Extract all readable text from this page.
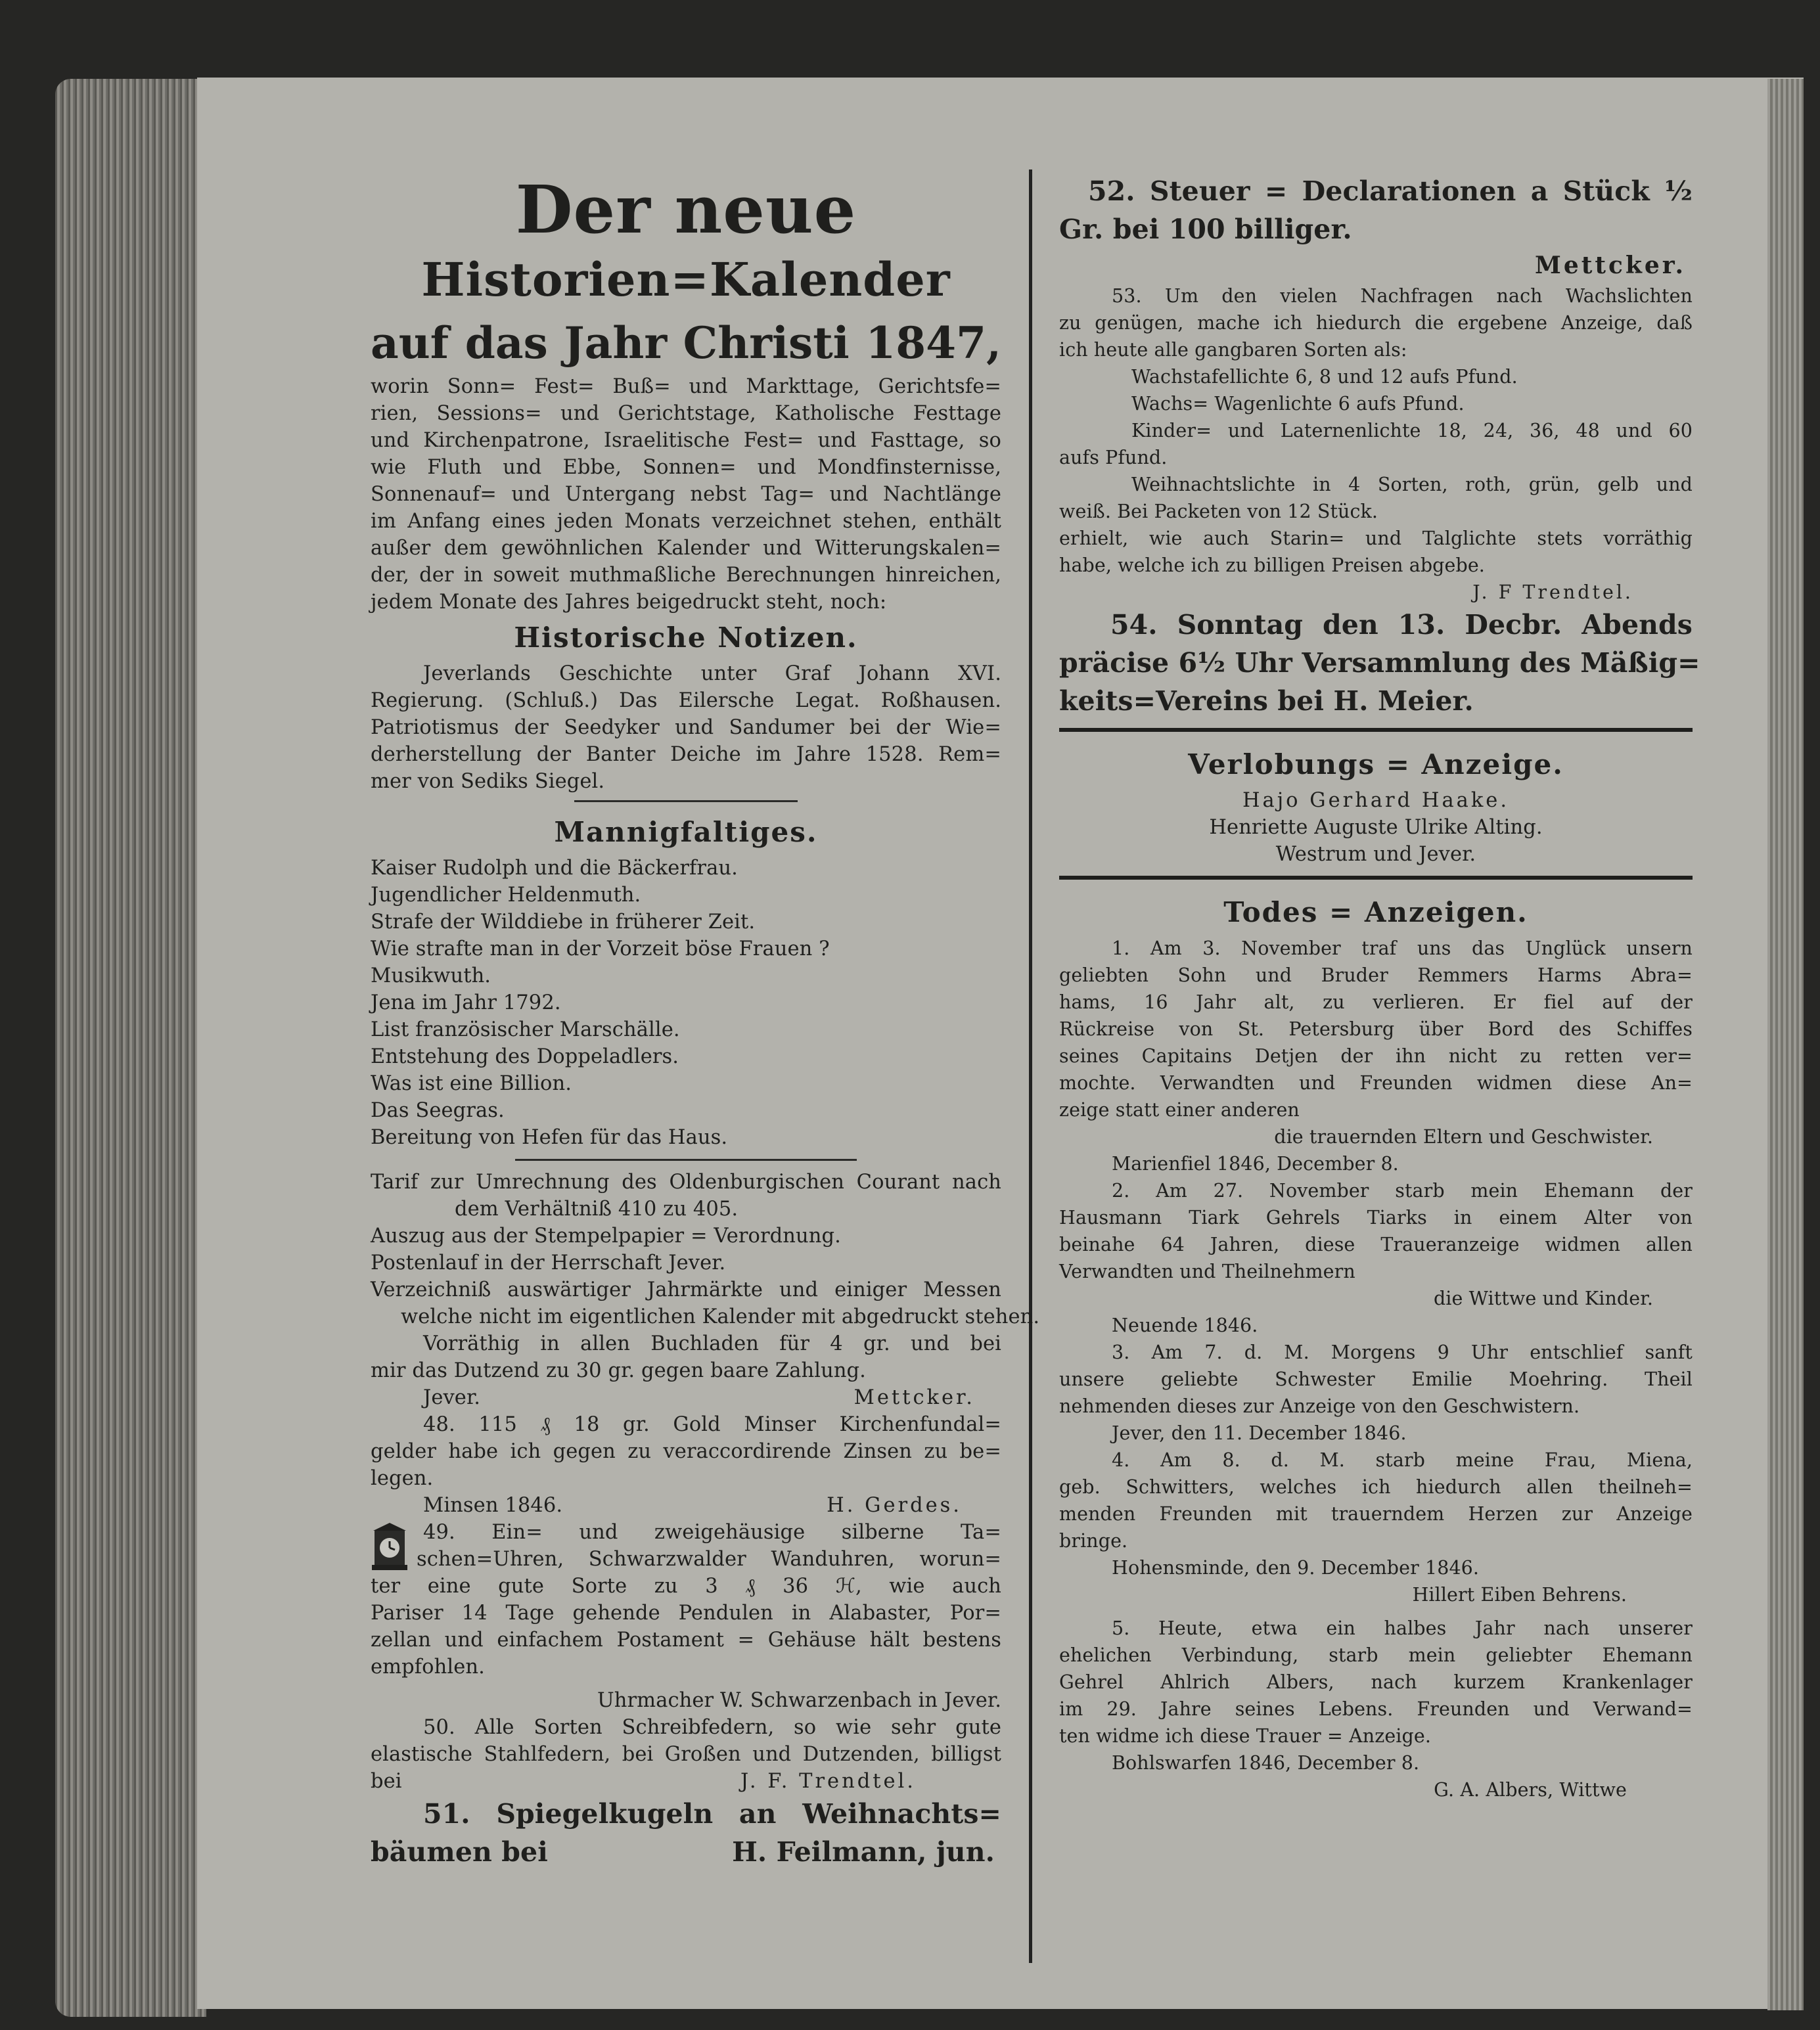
Der neue
Historien=Kalender
auf das Jahr Christi 1847,
worin Sonn= Fest= Buß= und Markttage, Gerichtsfe=
rien, Sessions= und Gerichtstage, Katholische Festtage
und Kirchenpatrone, Israelitische Fest= und Fasttage, so
wie Fluth und Ebbe, Sonnen= und Mondfinsternisse,
Sonnenauf= und Untergang nebst Tag= und Nachtlänge
im Anfang eines jeden Monats verzeichnet stehen, enthält
außer dem gewöhnlichen Kalender und Witterungskalen=
der, der in soweit muthmaßliche Berechnungen hinreichen,
jedem Monate des Jahres beigedruckt steht, noch:
Historische Notizen.
Jeverlands Geschichte unter Graf Johann XVI.
Regierung. (Schluß.) Das Eilersche Legat. Roßhausen.
Patriotismus der Seedyker und Sandumer bei der Wie=
derherstellung der Banter Deiche im Jahre 1528. Rem=
mer von Sediks Siegel.
Mannigfaltiges.
Kaiser Rudolph und die Bäckerfrau.
Jugendlicher Heldenmuth.
Strafe der Wilddiebe in früherer Zeit.
Wie strafte man in der Vorzeit böse Frauen ?
Musikwuth.
Jena im Jahr 1792.
List französischer Marschälle.
Entstehung des Doppeladlers.
Was ist eine Billion.
Das Seegras.
Bereitung von Hefen für das Haus.
Tarif zur Umrechnung des Oldenburgischen Courant nach
dem Verhältniß 410 zu 405.
Auszug aus der Stempelpapier = Verordnung.
Postenlauf in der Herrschaft Jever.
Verzeichniß auswärtiger Jahrmärkte und einiger Messen
welche nicht im eigentlichen Kalender mit abgedruckt stehen.
Vorräthig in allen Buchladen für 4 gr. und bei
mir das Dutzend zu 30 gr. gegen baare Zahlung.
Jever.	Mettcker.
48. 115 ₰ 18 gr. Gold Minser Kirchenfundal=
gelder habe ich gegen zu veraccordirende Zinsen zu be=
legen.
Minsen 1846.	H. Gerdes.
49. Ein= und zweigehäusige silberne Ta=
schen=Uhren, Schwarzwalder Wanduhren, worun=
ter eine gute Sorte zu 3 ₰ 36 ℋ, wie auch
Pariser 14 Tage gehende Pendulen in Alabaster, Por=
zellan und einfachem Postament = Gehäuse hält bestens
empfohlen.
Uhrmacher W. Schwarzenbach in Jever.
50. Alle Sorten Schreibfedern, so wie sehr gute
elastische Stahlfedern, bei Großen und Dutzenden, billigst
bei	J. F. Trendtel.
51. Spiegelkugeln an Weihnachts=
bäumen bei	H. Feilmann, jun.
52. Steuer = Declarationen a Stück ½
Gr. bei 100 billiger.
Mettcker.
53. Um den vielen Nachfragen nach Wachslichten
zu genügen, mache ich hiedurch die ergebene Anzeige, daß
ich heute alle gangbaren Sorten als:
Wachstafellichte 6, 8 und 12 aufs Pfund.
Wachs= Wagenlichte 6 aufs Pfund.
Kinder= und Laternenlichte 18, 24, 36, 48 und 60
aufs Pfund.
Weihnachtslichte in 4 Sorten, roth, grün, gelb und
weiß. Bei Packeten von 12 Stück.
erhielt, wie auch Starin= und Talglichte stets vorräthig
habe, welche ich zu billigen Preisen abgebe.
J. F Trendtel.
54. Sonntag den 13. Decbr. Abends
präcise 6½ Uhr Versammlung des Mäßig=
keits=Vereins bei H. Meier.
Verlobungs = Anzeige.
Hajo Gerhard Haake.
Henriette Auguste Ulrike Alting.
Westrum und Jever.
Todes = Anzeigen.
1. Am 3. November traf uns das Unglück unsern
geliebten Sohn und Bruder Remmers Harms Abra=
hams, 16 Jahr alt, zu verlieren. Er fiel auf der
Rückreise von St. Petersburg über Bord des Schiffes
seines Capitains Detjen der ihn nicht zu retten ver=
mochte. Verwandten und Freunden widmen diese An=
zeige statt einer anderen
die trauernden Eltern und Geschwister.
Marienfiel 1846, December 8.
2. Am 27. November starb mein Ehemann der
Hausmann Tiark Gehrels Tiarks in einem Alter von
beinahe 64 Jahren, diese Traueranzeige widmen allen
Verwandten und Theilnehmern
die Wittwe und Kinder.
Neuende 1846.
3. Am 7. d. M. Morgens 9 Uhr entschlief sanft
unsere geliebte Schwester Emilie Moehring. Theil
nehmenden dieses zur Anzeige von den Geschwistern.
Jever, den 11. December 1846.
4. Am 8. d. M. starb meine Frau, Miena,
geb. Schwitters, welches ich hiedurch allen theilneh=
menden Freunden mit trauerndem Herzen zur Anzeige
bringe.
Hohensminde, den 9. December 1846.
Hillert Eiben Behrens.
5. Heute, etwa ein halbes Jahr nach unserer
ehelichen Verbindung, starb mein geliebter Ehemann
Gehrel Ahlrich Albers, nach kurzem Krankenlager
im 29. Jahre seines Lebens. Freunden und Verwand=
ten widme ich diese Trauer = Anzeige.
Bohlswarfen 1846, December 8.
G. A. Albers, Wittwe
